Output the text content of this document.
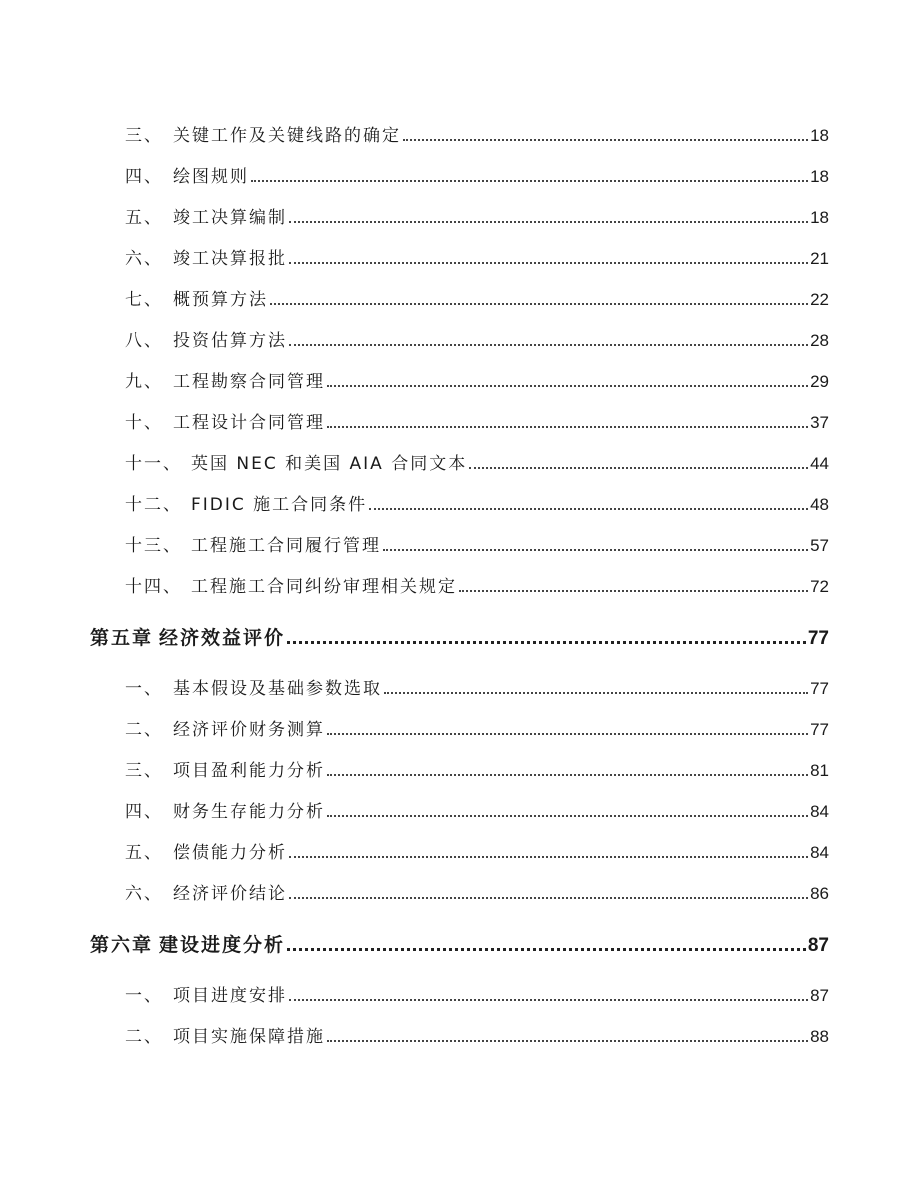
三、 关键工作及关键线路的确定	18
四、 绘图规则	18
五、 竣工决算编制	18
六、 竣工决算报批	21
七、 概预算方法	22
八、 投资估算方法	28
九、 工程勘察合同管理	29
十、 工程设计合同管理	37
十一、 英国 NEC 和美国 AIA 合同文本	44
十二、 FIDIC 施工合同条件	48
十三、 工程施工合同履行管理	57
十四、 工程施工合同纠纷审理相关规定	72
第五章 经济效益评价	77
一、 基本假设及基础参数选取	77
二、 经济评价财务测算	77
三、 项目盈利能力分析	81
四、 财务生存能力分析	84
五、 偿债能力分析	84
六、 经济评价结论	86
第六章 建设进度分析	87
一、 项目进度安排	87
二、 项目实施保障措施	88
